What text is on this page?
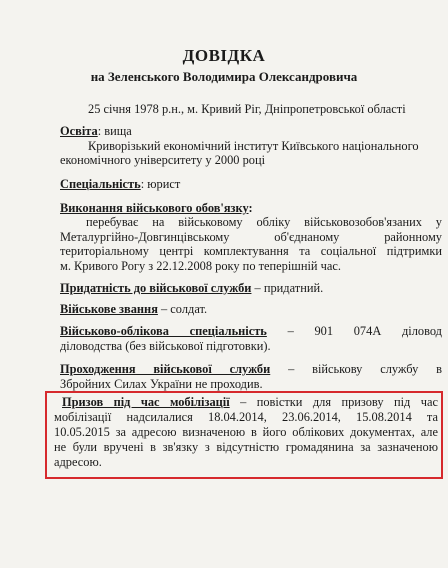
ДОВІДКА
на Зеленського Володимира Олександровича
25 січня 1978 р.н., м. Кривий Ріг, Дніпропетровської області
Освіта: вища
Криворізький економічний інститут Київського національного
економічного університету у 2000 році
Спеціальність: юрист
Виконання військового обов'язку:
перебуває на військовому обліку військовозобов'язаних у
Металургійно-Довгинцівському об'єднаному районному
територіальному центрі комплектування та соціальної підтримки
м. Кривого Рогу з 22.12.2008 року по теперішній час.
Придатність до військової служби – придатний.
Військове звання – солдат.
Військово-облікова спеціальність – 901 074А діловод
діловодства (без військової підготовки).
Проходження військової служби – військову службу в
Збройних Силах України не проходив.
Призов під час мобілізації – повістки для призову під час
мобілізації надсилалися 18.04.2014, 23.06.2014, 15.08.2014 та
10.05.2015 за адресою визначеною в його облікових документах, але
не були вручені в зв'язку з відсутністю громадянина за зазначеною
адресою.
